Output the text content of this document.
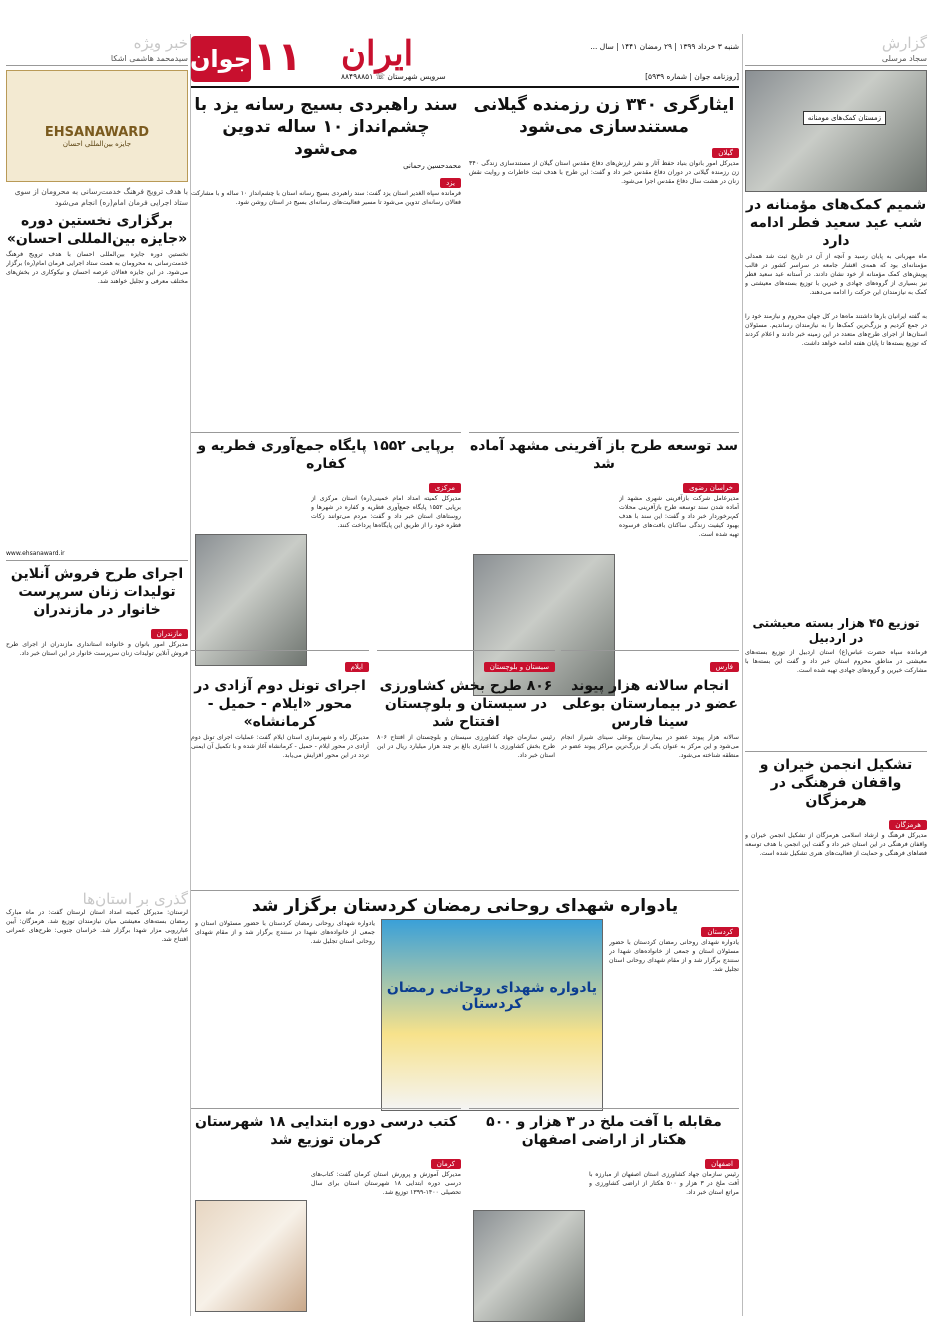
شنبه ۳ خرداد ۱۳۹۹ | ۲۹ رمضان ۱۴۴۱ | سال ...
ایران
۱۱
جوان
[روزنامه جوان | شماره ۵۹۳۹]
سرویس شهرستان ☏ ۸۸۴۹۸۸۵۱
گزارش
سجاد مرسلی
زمستان کمک‌های مومنانه
شمیم کمک‌های مؤمنانه در شب عید سعید فطر ادامه دارد
ماه مهربانی به پایان رسید و آنچه از آن در تاریخ ثبت شد همدلی مؤمنانه‌ای بود که همه‌ی اقشار جامعه در سراسر کشور در قالب پویش‌های کمک مؤمنانه از خود نشان دادند. در آستانه عید سعید فطر نیز بسیاری از گروه‌های جهادی و خیرین با توزیع بسته‌های معیشتی و کمک به نیازمندان این حرکت را ادامه می‌دهند.
به گفته ایرانیان بارها داشتند ماه‌ها در کل جهان محروم و نیازمند خود را در جمع کردیم و بزرگ‌ترین کمک‌ها را به نیازمندان رساندیم. مسئولان استان‌ها از اجرای طرح‌های متعدد در این زمینه خبر دادند و اعلام کردند که توزیع بسته‌ها تا پایان هفته ادامه خواهد داشت.
توزیع ۴۵ هزار بسته معیشتی در اردبیل
فرمانده سپاه حضرت عباس(ع) استان اردبیل از توزیع بسته‌های معیشتی در مناطق محروم استان خبر داد و گفت این بسته‌ها با مشارکت خیرین و گروه‌های جهادی تهیه شده است.
تشکیل انجمن خیران و واقفان فرهنگی در هرمزگان
هرمزگان
مدیرکل فرهنگ و ارشاد اسلامی هرمزگان از تشکیل انجمن خیران و واقفان فرهنگی در این استان خبر داد و گفت این انجمن با هدف توسعه فضاهای فرهنگی و حمایت از فعالیت‌های هنری تشکیل شده است.
ایثارگری ۳۴۰ زن رزمنده گیلانی مستندسازی می‌شود
گیلان
مدیرکل امور بانوان بنیاد حفظ آثار و نشر ارزش‌های دفاع مقدس استان گیلان از مستندسازی زندگی ۳۴۰ زن رزمنده گیلانی در دوران دفاع مقدس خبر داد و گفت: این طرح با هدف ثبت خاطرات و روایت نقش زنان در هشت سال دفاع مقدس اجرا می‌شود.
سند راهبردی بسیج رسانه یزد با چشم‌انداز ۱۰ ساله تدوین می‌شود
محمدحسین رحمانی
یزد
فرمانده سپاه الغدیر استان یزد گفت: سند راهبردی بسیج رسانه استان با چشم‌انداز ۱۰ ساله و با مشارکت فعالان رسانه‌ای تدوین می‌شود تا مسیر فعالیت‌های رسانه‌ای بسیج در استان روشن شود.
سد توسعه طرح باز آفرینی مشهد آماده شد
خراسان رضوی
مدیرعامل شرکت بازآفرینی شهری مشهد از آماده شدن سند توسعه طرح بازآفرینی محلات کم‌برخوردار خبر داد و گفت: این سند با هدف بهبود کیفیت زندگی ساکنان بافت‌های فرسوده تهیه شده است.
برپایی ۱۵۵۲ پایگاه جمع‌آوری فطریه و کفاره
مرکزی
مدیرکل کمیته امداد امام خمینی(ره) استان مرکزی از برپایی ۱۵۵۲ پایگاه جمع‌آوری فطریه و کفاره در شهرها و روستاهای استان خبر داد و گفت: مردم می‌توانند زکات فطره خود را از طریق این پایگاه‌ها پرداخت کنند.
فارس
انجام سالانه هزار پیوند عضو در بیمارستان بوعلی سینا فارس
سالانه هزار پیوند عضو در بیمارستان بوعلی سینای شیراز انجام می‌شود و این مرکز به عنوان یکی از بزرگ‌ترین مراکز پیوند عضو در منطقه شناخته می‌شود.
سیستان و بلوچستان
۸۰۶ طرح بخش کشاورزی در سیستان و بلوچستان افتتاح شد
رئیس سازمان جهاد کشاورزی سیستان و بلوچستان از افتتاح ۸۰۶ طرح بخش کشاورزی با اعتباری بالغ بر چند هزار میلیارد ریال در این استان خبر داد.
ایلام
اجرای تونل دوم آزادی در محور «ایلام - حمیل - کرمانشاه»
مدیرکل راه و شهرسازی استان ایلام گفت: عملیات اجرای تونل دوم آزادی در محور ایلام - حمیل - کرمانشاه آغاز شده و با تکمیل آن ایمنی تردد در این محور افزایش می‌یابد.
یادواره شهدای روحانی رمضان کردستان برگزار شد
کردستان
یادواره شهدای روحانی رمضان کردستان با حضور مسئولان استان و جمعی از خانواده‌های شهدا در سنندج برگزار شد و از مقام شهدای روحانی استان تجلیل شد.
یادواره شهدای روحانی رمضان کردستان
یادواره شهدای روحانی رمضان کردستان با حضور مسئولان استان و جمعی از خانواده‌های شهدا در سنندج برگزار شد و از مقام شهدای روحانی استان تجلیل شد.
مقابله با آفت ملخ در ۳ هزار و ۵۰۰ هکتار از اراضی اصفهان
اصفهان
رئیس سازمان جهاد کشاورزی استان اصفهان از مبارزه با آفت ملخ در ۳ هزار و ۵۰۰ هکتار از اراضی کشاورزی و مراتع استان خبر داد.
کتب درسی دوره ابتدایی ۱۸ شهرستان کرمان توزیع شد
کرمان
مدیرکل آموزش و پرورش استان کرمان گفت: کتاب‌های درسی دوره ابتدایی ۱۸ شهرستان استان برای سال تحصیلی ۱۴۰۰-۱۳۹۹ توزیع شد.
خبر ویژه
سیدمحمد هاشمی اشکا
EHSANAWARD
جایزه بین‌المللی احسان
با هدف ترویج فرهنگ خدمت‌رسانی به محرومان از سوی ستاد اجرایی فرمان امام(ره) انجام می‌شود
برگزاری نخستین دوره «جایزه بین‌المللی احسان»
نخستین دوره جایزه بین‌المللی احسان با هدف ترویج فرهنگ خدمت‌رسانی به محرومان به همت ستاد اجرایی فرمان امام(ره) برگزار می‌شود. در این جایزه فعالان عرصه احسان و نیکوکاری در بخش‌های مختلف معرفی و تجلیل خواهند شد.
www.ehsanaward.ir
اجرای طرح فروش آنلاین تولیدات زنان سرپرست خانوار در مازندران
مازندران
مدیرکل امور بانوان و خانواده استانداری مازندران از اجرای طرح فروش آنلاین تولیدات زنان سرپرست خانوار در این استان خبر داد.
گذری بر استان‌ها
لرستان: مدیرکل کمیته امداد استان لرستان گفت: در ماه مبارک رمضان بسته‌های معیشتی میان نیازمندان توزیع شد. هرمزگان: آیین غبارروبی مزار شهدا برگزار شد. خراسان جنوبی: طرح‌های عمرانی افتتاح شد.
